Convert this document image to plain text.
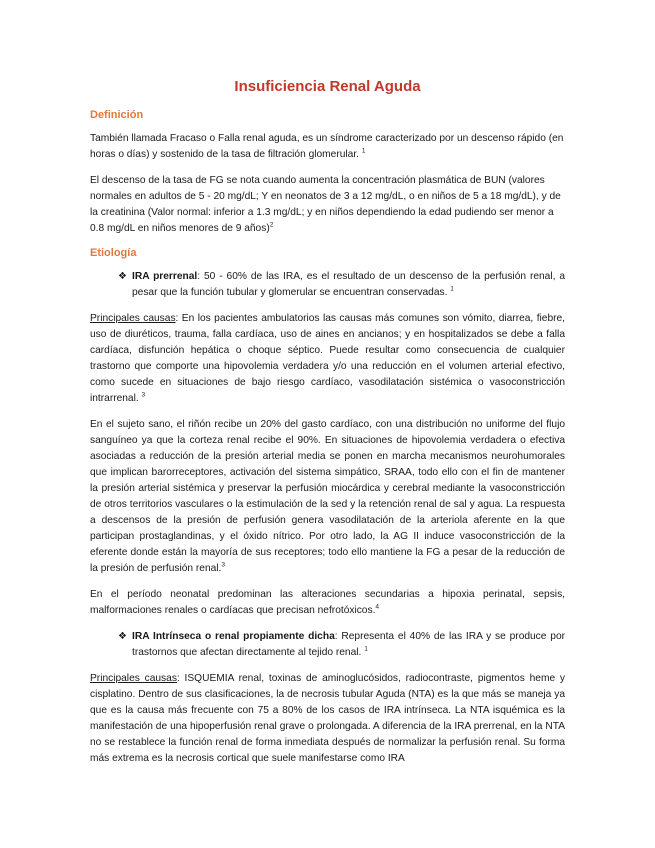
Insuficiencia Renal Aguda
Definición

También llamada Fracaso o Falla renal aguda, es un síndrome caracterizado por un descenso rápido (en horas o días) y sostenido de la tasa de filtración glomerular. $^1$

El descenso de la tasa de FG se nota cuando aumenta la concentración plasmática de BUN (valores normales en adultos de 5 - 20 mg/dL; Y en neonatos de 3 a 12 mg/dL, o en niños de 5 a 18 mg/dL), y de la creatinina (Valor normal: inferior a 1.3 mg/dL; y en niños dependiendo la edad pudiendo ser menor a 0.8 mg/dL en niños menores de 9 años)$^2$

Etiología
❖ IRA prerrenal: 50 - 60% de las IRA, es el resultado de un descenso de la perfusión renal, a pesar que la función tubular y glomerular se encuentran conservadas. $^1$

Principales causas: En los pacientes ambulatorios las causas más comunes son vómito, diarrea, fiebre, uso de diuréticos, trauma, falla cardíaca, uso de aines en ancianos; y en hospitalizados se debe a falla cardíaca, disfunción hepática o choque séptico. Puede resultar como consecuencia de cualquier trastorno que comporte una hipovolemia verdadera y/o una reducción en el volumen arterial efectivo, como sucede en situaciones de bajo riesgo cardíaco, vasodilatación sistémica o vasoconstricción intrarrenal. $^3$

En el sujeto sano, el riñón recibe un 20% del gasto cardíaco, con una distribución no uniforme del flujo sanguíneo ya que la corteza renal recibe el 90%. En situaciones de hipovolemia verdadera o efectiva asociadas a reducción de la presión arterial media se ponen en marcha mecanismos neurohumorales que implican barorreceptores, activación del sistema simpático, SRAA, todo ello con el fin de mantener la presión arterial sistémica y preservar la perfusión miocárdica y cerebral mediante la vasoconstricción de otros territorios vasculares o la estimulación de la sed y la retención renal de sal y agua. La respuesta a descensos de la presión de perfusión genera vasodilatación de la arteriola aferente en la que participan prostaglandinas, y el óxido nítrico. Por otro lado, la AG II induce vasoconstricción de la eferente donde están la mayoría de sus receptores; todo ello mantiene la FG a pesar de la reducción de la presión de perfusión renal.$^3$

En el período neonatal predominan las alteraciones secundarias a hipoxia perinatal, sepsis, malformaciones renales o cardíacas que precisan nefrotóxicos.$^4$

❖ IRA Intrínseca o renal propiamente dicha: Representa el 40% de las IRA y se produce por trastornos que afectan directamente al tejido renal. $^1$

Principales causas: ISQUEMIA renal, toxinas de aminoglucósidos, radiocontraste, pigmentos heme y cisplatino. Dentro de sus clasificaciones, la de necrosis tubular Aguda (NTA) es la que más se maneja ya que es la causa más frecuente con 75 a 80% de los casos de IRA intrínseca. La NTA isquémica es la manifestación de una hipoperfusión renal grave o prolongada. A diferencia de la IRA prerrenal, en la NTA no se restablece la función renal de forma inmediata después de normalizar la perfusión renal. Su forma más extrema es la necrosis cortical que suele manifestarse como IRA
